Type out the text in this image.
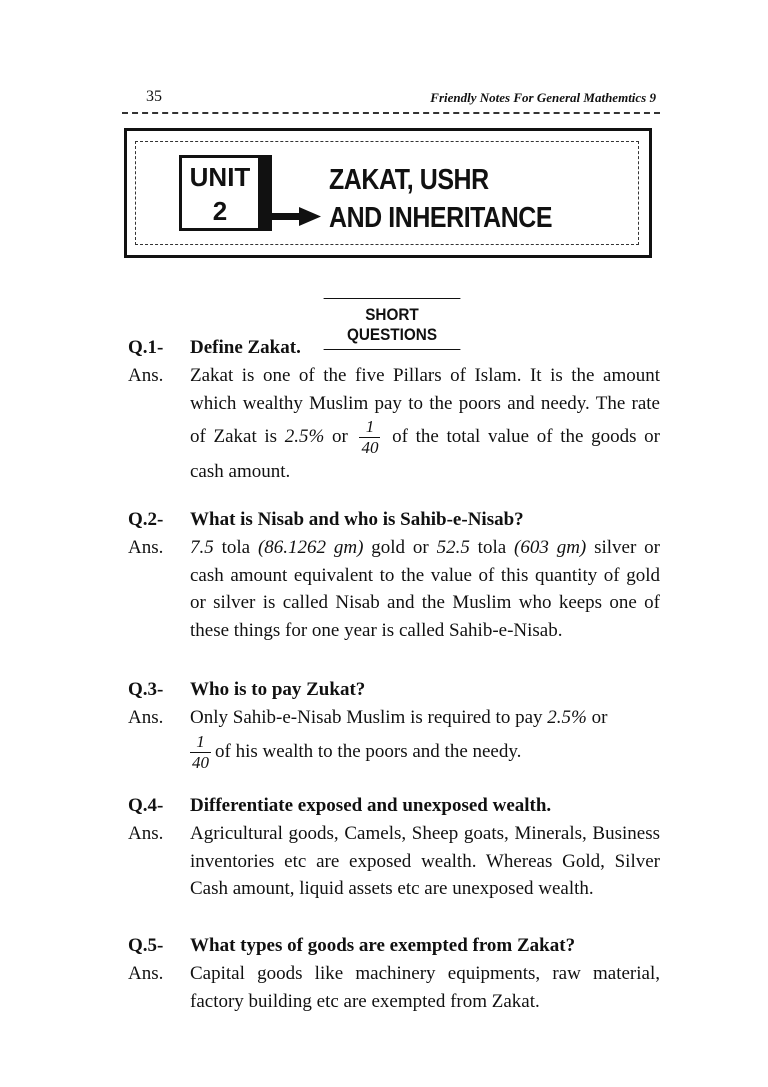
35	Friendly Notes For General Mathemtics 9
UNIT
2
ZAKAT, USHR
AND INHERITANCE
SHORT QUESTIONS
Q.1- Define Zakat.
Ans. Zakat is one of the five Pillars of Islam. It is the amount which wealthy Muslim pay to the poors and needy. The rate of Zakat is 2.5% or $\frac{1}{40}$ of the total value of the goods or cash amount.
Q.2- What is Nisab and who is Sahib-e-Nisab?
Ans. 7.5 tola (86.1262 gm) gold or 52.5 tola (603 gm) silver or cash amount equivalent to the value of this quantity of gold or silver is called Nisab and the Muslim who keeps one of these things for one year is called Sahib-e-Nisab.
Q.3- Who is to pay Zukat?
Ans. Only Sahib-e-Nisab Muslim is required to pay 2.5% or

$\frac{1}{40}$ of his wealth to the poors and the needy.
Q.4- Differentiate exposed and unexposed wealth.
Ans. Agricultural goods, Camels, Sheep goats, Minerals, Business inventories etc are exposed wealth. Whereas Gold, Silver Cash amount, liquid assets etc are unexposed wealth.
Q.5- What types of goods are exempted from Zakat?
Ans. Capital goods like machinery equipments, raw material, factory building etc are exempted from Zakat.
